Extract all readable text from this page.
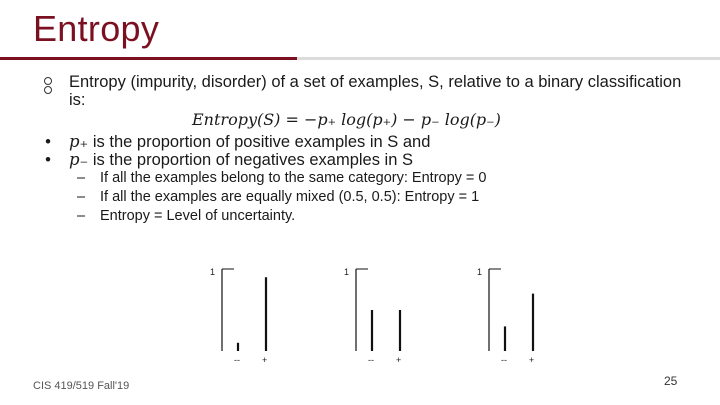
Entropy
Entropy (impurity, disorder) of a set of examples, S, relative to a binary classification is:
Entropy(S) = −p₊ log(p₊) − p₋ log(p₋)
• p₊ is the proportion of positive examples in S and
• p₋ is the proportion of negatives examples in S
– If all the examples belong to the same category: Entropy = 0
– If all the examples are equally mixed (0.5, 0.5): Entropy = 1
– Entropy = Level of uncertainty.
1
-- +
1
-- +
1
-- +
CIS 419/519 Fall'19	25
